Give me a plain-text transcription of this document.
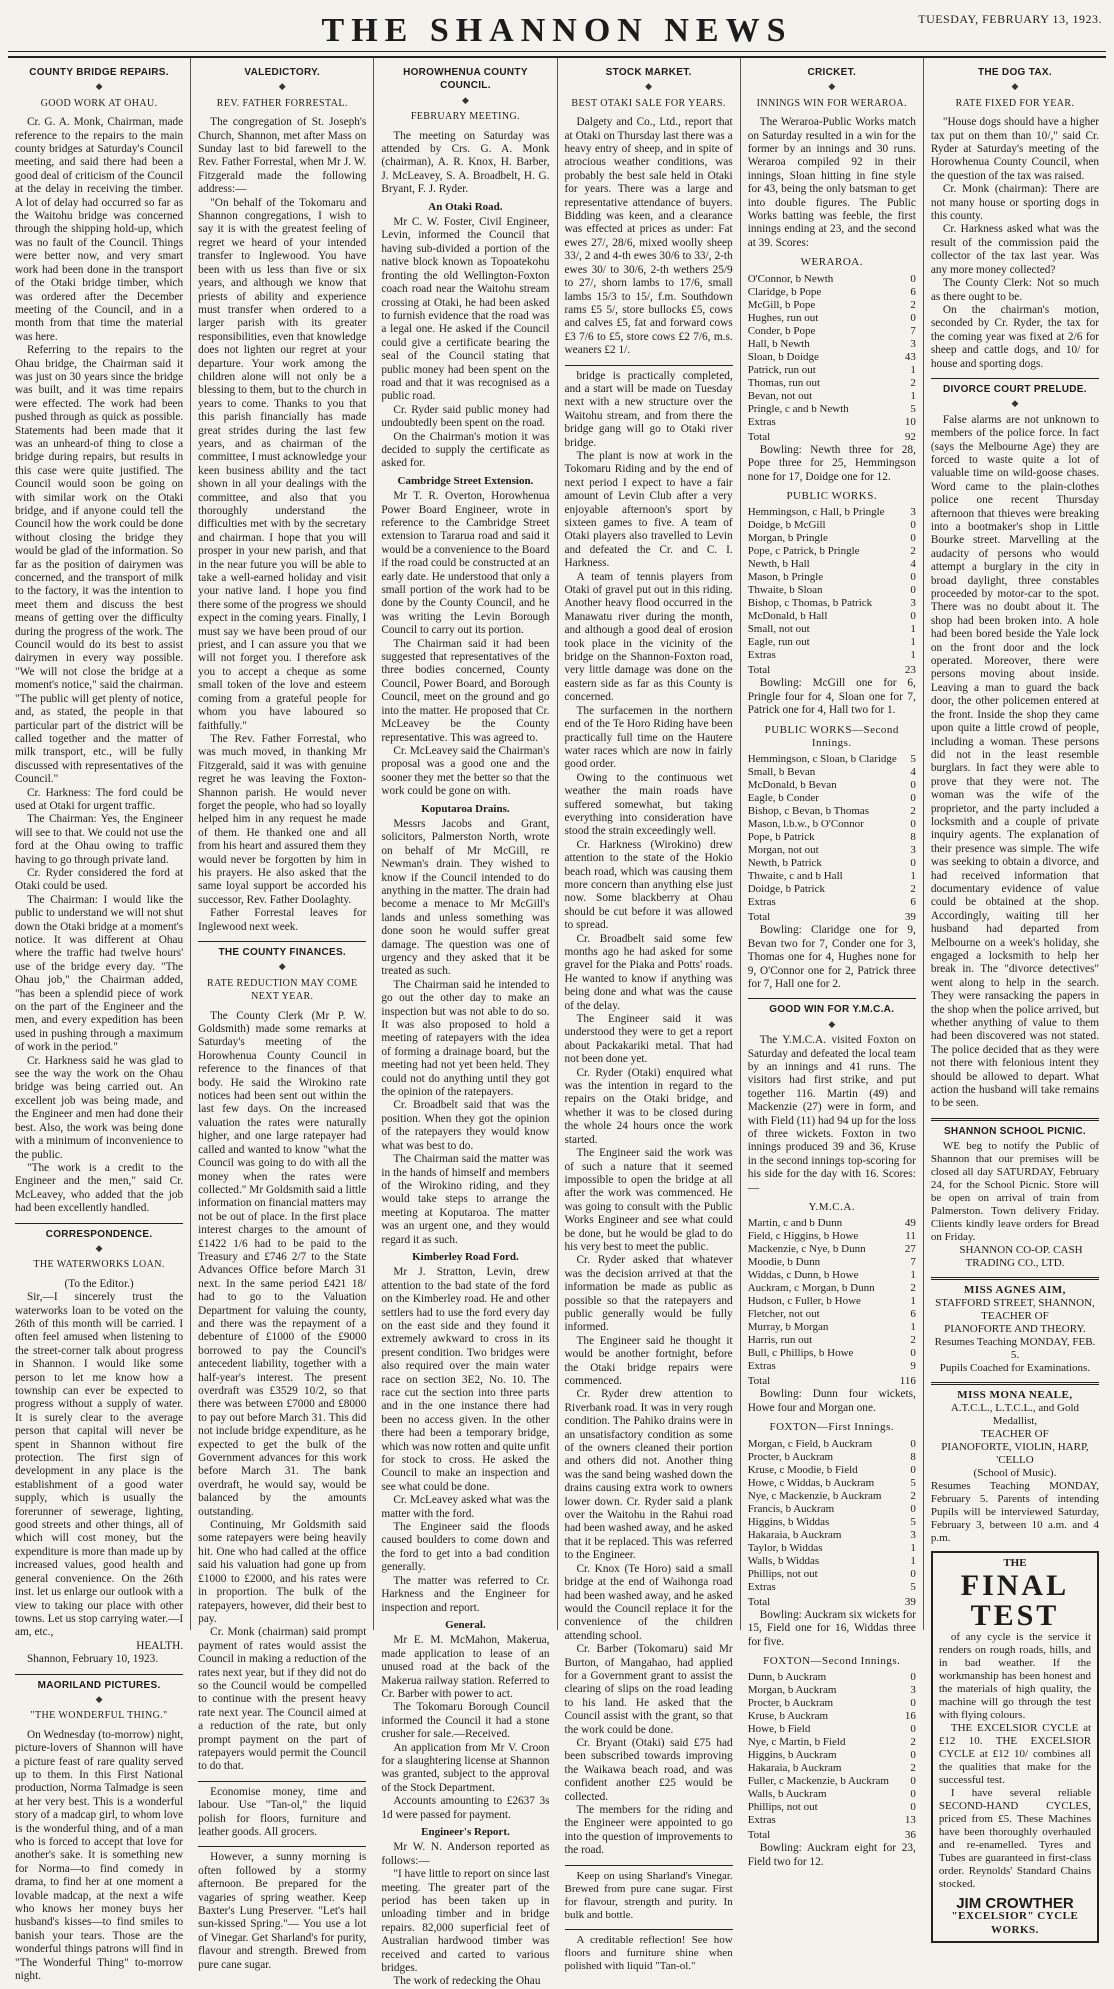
THE SHANNON NEWS	TUESDAY, FEBRUARY 13, 1923.
COUNTY BRIDGE REPAIRS.
◆
GOOD WORK AT OHAU.

Cr. G. A. Monk, Chairman, made reference to the repairs to the main county bridges at Saturday's Council meeting, and said there had been a good deal of criticism of the Council at the delay in receiving the timber. A lot of delay had occurred so far as the Waitohu bridge was concerned through the shipping hold-up, which was no fault of the Council. Things were better now, and very smart work had been done in the transport of the Otaki bridge timber, which was ordered after the December meeting of the Council, and in a month from that time the material was here.

Referring to the repairs to the Ohau bridge, the Chairman said it was just on 30 years since the bridge was built, and it was time repairs were effected. The work had been pushed through as quick as possible. Statements had been made that it was an unheard-of thing to close a bridge during repairs, but results in this case were quite justified. The Council would soon be going on with similar work on the Otaki bridge, and if anyone could tell the Council how the work could be done without closing the bridge they would be glad of the information. So far as the position of dairymen was concerned, and the transport of milk to the factory, it was the intention to meet them and discuss the best means of getting over the difficulty during the progress of the work. The Council would do its best to assist dairymen in every way possible. "We will not close the bridge at a moment's notice," said the chairman. "The public will get plenty of notice, and, as stated, the people in that particular part of the district will be called together and the matter of milk transport, etc., will be fully discussed with representatives of the Council."

Cr. Harkness: The ford could be used at Otaki for urgent traffic.

The Chairman: Yes, the Engineer will see to that. We could not use the ford at the Ohau owing to traffic having to go through private land.

Cr. Ryder considered the ford at Otaki could be used.

The Chairman: I would like the public to understand we will not shut down the Otaki bridge at a moment's notice. It was different at Ohau where the traffic had twelve hours' use of the bridge every day. "The Ohau job," the Chairman added, "has been a splendid piece of work on the part of the Engineer and the men, and every expedition has been used in pushing through a maximum of work in the period."

Cr. Harkness said he was glad to see the way the work on the Ohau bridge was being carried out. An excellent job was being made, and the Engineer and men had done their best. Also, the work was being done with a minimum of inconvenience to the public.

"The work is a credit to the Engineer and the men," said Cr. McLeavey, who added that the job had been excellently handled.

CORRESPONDENCE.
◆
THE WATERWORKS LOAN.

(To the Editor.)

Sir,—I sincerely trust the waterworks loan to be voted on the 26th of this month will be carried. I often feel amused when listening to the street-corner talk about progress in Shannon. I would like some person to let me know how a township can ever be expected to progress without a supply of water. It is surely clear to the average person that capital will never be spent in Shannon without fire protection. The first sign of development in any place is the establishment of a good water supply, which is usually the forerunner of sewerage, lighting, good streets and other things, all of which will cost money, but the expenditure is more than made up by increased values, good health and general convenience. On the 26th inst. let us enlarge our outlook with a view to taking our place with other towns. Let us stop carrying water.—I am, etc.,

HEALTH.

Shannon, February 10, 1923.

MAORILAND PICTURES.
◆
"THE WONDERFUL THING."

On Wednesday (to-morrow) night, picture-lovers of Shannon will have a picture feast of rare quality served up to them. In this First National production, Norma Talmadge is seen at her very best. This is a wonderful story of a madcap girl, to whom love is the wonderful thing, and of a man who is forced to accept that love for another's sake. It is something new for Norma—to find comedy in drama, to find her at one moment a lovable madcap, at the next a wife who knows her money buys her husband's kisses—to find smiles to banish your tears. Those are the wonderful things patrons will find in "The Wonderful Thing" to-morrow night.

VALEDICTORY.
◆
REV. FATHER FORRESTAL.

The congregation of St. Joseph's Church, Shannon, met after Mass on Sunday last to bid farewell to the Rev. Father Forrestal, when Mr J. W. Fitzgerald made the following address:—

"On behalf of the Tokomaru and Shannon congregations, I wish to say it is with the greatest feeling of regret we heard of your intended transfer to Inglewood. You have been with us less than five or six years, and although we know that priests of ability and experience must transfer when ordered to a larger parish with its greater responsibilities, even that knowledge does not lighten our regret at your departure. Your work among the children alone will not only be a blessing to them, but to the church in years to come. Thanks to you that this parish financially has made great strides during the last few years, and as chairman of the committee, I must acknowledge your keen business ability and the tact shown in all your dealings with the committee, and also that you thoroughly understand the difficulties met with by the secretary and chairman. I hope that you will prosper in your new parish, and that in the near future you will be able to take a well-earned holiday and visit your native land. I hope you find there some of the progress we should expect in the coming years. Finally, I must say we have been proud of our priest, and I can assure you that we will not forget you. I therefore ask you to accept a cheque as some small token of the love and esteem coming from a grateful people for whom you have laboured so faithfully."

The Rev. Father Forrestal, who was much moved, in thanking Mr Fitzgerald, said it was with genuine regret he was leaving the Foxton-Shannon parish. He would never forget the people, who had so loyally helped him in any request he made of them. He thanked one and all from his heart and assured them they would never be forgotten by him in his prayers. He also asked that the same loyal support be accorded his successor, Rev. Father Doolaghty.

Father Forrestal leaves for Inglewood next week.

THE COUNTY FINANCES.
◆
RATE REDUCTION MAY COME NEXT YEAR.

The County Clerk (Mr P. W. Goldsmith) made some remarks at Saturday's meeting of the Horowhenua County Council in reference to the finances of that body. He said the Wirokino rate notices had been sent out within the last few days. On the increased valuation the rates were naturally higher, and one large ratepayer had called and wanted to know "what the Council was going to do with all the money when the rates were collected." Mr Goldsmith said a little information on financial matters may not be out of place. In the first place interest charges to the amount of £1422 1/6 had to be paid to the Treasury and £746 2/7 to the State Advances Office before March 31 next. In the same period £421 18/ had to go to the Valuation Department for valuing the county, and there was the repayment of a debenture of £1000 of the £9000 borrowed to pay the Council's antecedent liability, together with a half-year's interest. The present overdraft was £3529 10/2, so that there was between £7000 and £8000 to pay out before March 31. This did not include bridge expenditure, as he expected to get the bulk of the Government advances for this work before March 31. The bank overdraft, he would say, would be balanced by the amounts outstanding.

Continuing, Mr Goldsmith said some ratepayers were being heavily hit. One who had called at the office said his valuation had gone up from £1000 to £2000, and his rates were in proportion. The bulk of the ratepayers, however, did their best to pay.

Cr. Monk (chairman) said prompt payment of rates would assist the Council in making a reduction of the rates next year, but if they did not do so the Council would be compelled to continue with the present heavy rate next year. The Council aimed at a reduction of the rate, but only prompt payment on the part of ratepayers would permit the Council to do that.

Economise money, time and labour. Use "Tan-ol," the liquid polish for floors, furniture and leather goods. All grocers.

However, a sunny morning is often followed by a stormy afternoon. Be prepared for the vagaries of spring weather. Keep Baxter's Lung Preserver. "Let's hail sun-kissed Spring."— You use a lot of Vinegar. Get Sharland's for purity, flavour and strength. Brewed from pure cane sugar.

HOROWHENUA COUNTY COUNCIL.
◆
FEBRUARY MEETING.

The meeting on Saturday was attended by Crs. G. A. Monk (chairman), A. R. Knox, H. Barber, J. McLeavey, S. A. Broadbelt, H. G. Bryant, F. J. Ryder.

An Otaki Road.

Mr C. W. Foster, Civil Engineer, Levin, informed the Council that having sub-divided a portion of the native block known as Topoatekohu fronting the old Wellington-Foxton coach road near the Waitohu stream crossing at Otaki, he had been asked to furnish evidence that the road was a legal one. He asked if the Council could give a certificate bearing the seal of the Council stating that public money had been spent on the road and that it was recognised as a public road.

Cr. Ryder said public money had undoubtedly been spent on the road.

On the Chairman's motion it was decided to supply the certificate as asked for.

Cambridge Street Extension.

Mr T. R. Overton, Horowhenua Power Board Engineer, wrote in reference to the Cambridge Street extension to Tararua road and said it would be a convenience to the Board if the road could be constructed at an early date. He understood that only a small portion of the work had to be done by the County Council, and he was writing the Levin Borough Council to carry out its portion.

The Chairman said it had been suggested that representatives of the three bodies concerned, County Council, Power Board, and Borough Council, meet on the ground and go into the matter. He proposed that Cr. McLeavey be the County representative. This was agreed to.

Cr. McLeavey said the Chairman's proposal was a good one and the sooner they met the better so that the work could be gone on with.

Koputaroa Drains.

Messrs Jacobs and Grant, solicitors, Palmerston North, wrote on behalf of Mr McGill, re Newman's drain. They wished to know if the Council intended to do anything in the matter. The drain had become a menace to Mr McGill's lands and unless something was done soon he would suffer great damage. The question was one of urgency and they asked that it be treated as such.

The Chairman said he intended to go out the other day to make an inspection but was not able to do so. It was also proposed to hold a meeting of ratepayers with the idea of forming a drainage board, but the meeting had not yet been held. They could not do anything until they got the opinion of the ratepayers.

Cr. Broadbelt said that was the position. When they got the opinion of the ratepayers they would know what was best to do.

The Chairman said the matter was in the hands of himself and members of the Wirokino riding, and they would take steps to arrange the meeting at Koputaroa. The matter was an urgent one, and they would regard it as such.

Kimberley Road Ford.

Mr J. Stratton, Levin, drew attention to the bad state of the ford on the Kimberley road. He and other settlers had to use the ford every day on the east side and they found it extremely awkward to cross in its present condition. Two bridges were also required over the main water race on section 3E2, No. 10. The race cut the section into three parts and in the one instance there had been no access given. In the other there had been a temporary bridge, which was now rotten and quite unfit for stock to cross. He asked the Council to make an inspection and see what could be done.

Cr. McLeavey asked what was the matter with the ford.

The Engineer said the floods caused boulders to come down and the ford to get into a bad condition generally.

The matter was referred to Cr. Harkness and the Engineer for inspection and report.

General.

Mr E. M. McMahon, Makerua, made application to lease of an unused road at the back of the Makerua railway station. Referred to Cr. Barber with power to act.

The Tokomaru Borough Council informed the Council it had a stone crusher for sale.—Received.

An application from Mr V. Croon for a slaughtering license at Shannon was granted, subject to the approval of the Stock Department.

Accounts amounting to £2637 3s 1d were passed for payment.

Engineer's Report.

Mr W. N. Anderson reported as follows:—

"I have little to report on since last meeting. The greater part of the period has been taken up in unloading timber and in bridge repairs. 82,000 superficial feet of Australian hardwood timber was received and carted to various bridges.

The work of redecking the Ohau

STOCK MARKET.
◆
BEST OTAKI SALE FOR YEARS.

Dalgety and Co., Ltd., report that at Otaki on Thursday last there was a heavy entry of sheep, and in spite of atrocious weather conditions, was probably the best sale held in Otaki for years. There was a large and representative attendance of buyers. Bidding was keen, and a clearance was effected at prices as under: Fat ewes 27/, 28/6, mixed woolly sheep 33/, 2 and 4-th ewes 30/6 to 33/, 2-th ewes 30/ to 30/6, 2-th wethers 25/9 to 27/, shorn lambs to 17/6, small lambs 15/3 to 15/, f.m. Southdown rams £5 5/, store bullocks £5, cows and calves £5, fat and forward cows £3 7/6 to £5, store cows £2 7/6, m.s. weaners £2 1/.

bridge is practically completed, and a start will be made on Tuesday next with a new structure over the Waitohu stream, and from there the bridge gang will go to Otaki river bridge.

The plant is now at work in the Tokomaru Riding and by the end of next period I expect to have a fair amount of Levin Club after a very enjoyable afternoon's sport by sixteen games to five. A team of Otaki players also travelled to Levin and defeated the Cr. and C. I. Harkness.

A team of tennis players from Otaki of gravel put out in this riding. Another heavy flood occurred in the Manawatu river during the month, and although a good deal of erosion took place in the vicinity of the bridge on the Shannon-Foxton road, very little damage was done on the eastern side as far as this County is concerned.

The surfacemen in the northern end of the Te Horo Riding have been practically full time on the Hautere water races which are now in fairly good order.

Owing to the continuous wet weather the main roads have suffered somewhat, but taking everything into consideration have stood the strain exceedingly well.

Cr. Harkness (Wirokino) drew attention to the state of the Hokio beach road, which was causing them more concern than anything else just now. Some blackberry at Ohau should be cut before it was allowed to spread.

Cr. Broadbelt said some few months ago he had asked for some gravel for the Piaka and Potts' roads. He wanted to know if anything was being done and what was the cause of the delay.

The Engineer said it was understood they were to get a report about Packakariki metal. That had not been done yet.

Cr. Ryder (Otaki) enquired what was the intention in regard to the repairs on the Otaki bridge, and whether it was to be closed during the whole 24 hours once the work started.

The Engineer said the work was of such a nature that it seemed impossible to open the bridge at all after the work was commenced. He was going to consult with the Public Works Engineer and see what could be done, but he would be glad to do his very best to meet the public.

Cr. Ryder asked that whatever was the decision arrived at that the information be made as public as possible so that the ratepayers and public generally would be fully informed.

The Engineer said he thought it would be another fortnight, before the Otaki bridge repairs were commenced.

Cr. Ryder drew attention to Riverbank road. It was in very rough condition. The Pahiko drains were in an unsatisfactory condition as some of the owners cleaned their portion and others did not. Another thing was the sand being washed down the drains causing extra work to owners lower down. Cr. Ryder said a plank over the Waitohu in the Rahui road had been washed away, and he asked that it be replaced. This was referred to the Engineer.

Cr. Knox (Te Horo) said a small bridge at the end of Waihonga road had been washed away, and he asked would the Council replace it for the convenience of the children attending school.

Cr. Barber (Tokomaru) said Mr Burton, of Mangahao, had applied for a Government grant to assist the clearing of slips on the road leading to his land. He asked that the Council assist with the grant, so that the work could be done.

Cr. Bryant (Otaki) said £75 had been subscribed towards improving the Waikawa beach road, and was confident another £25 would be collected.

The members for the riding and the Engineer were appointed to go into the question of improvements to the road.

Keep on using Sharland's Vinegar. Brewed from pure cane sugar. First for flavour, strength and purity. In bulk and bottle.

A creditable reflection! See how floors and furniture shine when polished with liquid "Tan-ol."

CRICKET.
◆
INNINGS WIN FOR WERAROA.

The Weraroa-Public Works match on Saturday resulted in a win for the former by an innings and 30 runs. Weraroa compiled 92 in their innings, Sloan hitting in fine style for 43, being the only batsman to get into double figures. The Public Works batting was feeble, the first innings ending at 23, and the second at 39. Scores:

WERAROA.

O'Connor, b Newth	0
Claridge, b Pope	6
McGill, b Pope	2
Hughes, run out	0
Conder, b Pope	7
Hall, b Newth	3
Sloan, b Doidge	43
Patrick, run out	1
Thomas, run out	2
Bevan, not out	1
Pringle, c and b Newth	5
Extras	10
Total	92

Bowling: Newth three for 28, Pope three for 25, Hemmingson none for 17, Doidge one for 12.

PUBLIC WORKS.

Hemmingson, c Hall, b Pringle	3
Doidge, b McGill	0
Morgan, b Pringle	0
Pope, c Patrick, b Pringle	2
Newth, b Hall	4
Mason, b Pringle	0
Thwaite, b Sloan	0
Bishop, c Thomas, b Patrick	3
McDonald, b Hall	0
Small, not out	1
Eagle, run out	1
Extras	1
Total	23

Bowling: McGill one for 6, Pringle four for 4, Sloan one for 7, Patrick one for 4, Hall two for 1.

PUBLIC WORKS—Second Innings.

Hemmingson, c Sloan, b Claridge	5
Small, b Bevan	4
McDonald, b Bevan	0
Eagle, b Conder	0
Bishop, c Bevan, b Thomas	2
Mason, l.b.w., b O'Connor	0
Pope, b Patrick	8
Morgan, not out	3
Newth, b Patrick	0
Thwaite, c and b Hall	1
Doidge, b Patrick	2
Extras	6
Total	39

Bowling: Claridge one for 9, Bevan two for 7, Conder one for 3, Thomas one for 4, Hughes none for 9, O'Connor one for 2, Patrick three for 7, Hall one for 2.

GOOD WIN FOR Y.M.C.A.
◆

The Y.M.C.A. visited Foxton on Saturday and defeated the local team by an innings and 41 runs. The visitors had first strike, and put together 116. Martin (49) and Mackenzie (27) were in form, and with Field (11) had 94 up for the loss of three wickets. Foxton in two innings produced 39 and 36, Kruse in the second innings top-scoring for his side for the day with 16. Scores:—

Y.M.C.A.

Martin, c and b Dunn	49
Field, c Higgins, b Howe	11
Mackenzie, c Nye, b Dunn	27
Moodie, b Dunn	7
Widdas, c Dunn, b Howe	1
Auckram, c Morgan, b Dunn	2
Hudson, c Fuller, b Howe	1
Fletcher, not out	6
Murray, b Morgan	1
Harris, run out	2
Bull, c Phillips, b Howe	0
Extras	9
Total	116

Bowling: Dunn four wickets, Howe four and Morgan one.

FOXTON—First Innings.

Morgan, c Field, b Auckram	0
Procter, b Auckram	8
Kruse, c Moodie, b Field	0
Howe, c Widdas, b Auckram	5
Nye, c Mackenzie, b Auckram	2
Francis, b Auckram	0
Higgins, b Widdas	5
Hakaraia, b Auckram	3
Taylor, b Widdas	1
Walls, b Widdas	1
Phillips, not out	0
Extras	5
Total	39

Bowling: Auckram six wickets for 15, Field one for 16, Widdas three for five.

FOXTON—Second Innings.

Dunn, b Auckram	0
Morgan, b Auckram	3
Procter, b Auckram	0
Kruse, b Auckram	16
Howe, b Field	0
Nye, c Martin, b Field	2
Higgins, b Auckram	0
Hakaraia, b Auckram	2
Fuller, c Mackenzie, b Auckram	0
Walls, b Auckram	0
Phillips, not out	0
Extras	13
Total	36

Bowling: Auckram eight for 23, Field two for 12.

THE DOG TAX.
◆
RATE FIXED FOR YEAR.

"House dogs should have a higher tax put on them than 10/," said Cr. Ryder at Saturday's meeting of the Horowhenua County Council, when the question of the tax was raised.

Cr. Monk (chairman): There are not many house or sporting dogs in this county.

Cr. Harkness asked what was the result of the commission paid the collector of the tax last year. Was any more money collected?

The County Clerk: Not so much as there ought to be.

On the chairman's motion, seconded by Cr. Ryder, the tax for the coming year was fixed at 2/6 for sheep and cattle dogs, and 10/ for house and sporting dogs.

DIVORCE COURT PRELUDE.
◆

False alarms are not unknown to members of the police force. In fact (says the Melbourne Age) they are forced to waste quite a lot of valuable time on wild-goose chases. Word came to the plain-clothes police one recent Thursday afternoon that thieves were breaking into a bootmaker's shop in Little Bourke street. Marvelling at the audacity of persons who would attempt a burglary in the city in broad daylight, three constables proceeded by motor-car to the spot. There was no doubt about it. The shop had been broken into. A hole had been bored beside the Yale lock on the front door and the lock operated. Moreover, there were persons moving about inside. Leaving a man to guard the back door, the other policemen entered at the front. Inside the shop they came upon quite a little crowd of people, including a woman. These persons did not in the least resemble burglars. In fact they were able to prove that they were not. The woman was the wife of the proprietor, and the party included a locksmith and a couple of private inquiry agents. The explanation of their presence was simple. The wife was seeking to obtain a divorce, and had received information that documentary evidence of value could be obtained at the shop. Accordingly, waiting till her husband had departed from Melbourne on a week's holiday, she engaged a locksmith to help her break in. The "divorce detectives" went along to help in the search. They were ransacking the papers in the shop when the police arrived, but whether anything of value to them had been discovered was not stated. The police decided that as they were not there with felonious intent they should be allowed to depart. What action the husband will take remains to be seen.

SHANNON SCHOOL PICNIC.

WE beg to notify the Public of Shannon that our premises will be closed all day SATURDAY, February 24, for the School Picnic. Store will be open on arrival of train from Palmerston. Town delivery Friday. Clients kindly leave orders for Bread on Friday.

SHANNON CO-OP. CASH TRADING CO., LTD.

MISS AGNES AIM,
STAFFORD STREET, SHANNON,
TEACHER OF
PIANOFORTE AND THEORY.
Resumes Teaching MONDAY, FEB. 5.
Pupils Coached for Examinations.
MISS MONA NEALE,
A.T.C.L., L.T.C.L., and Gold Medallist,
TEACHER OF
PIANOFORTE, VIOLIN, HARP, 'CELLO
(School of Music).
Resumes Teaching MONDAY, February 5. Parents of intending Pupils will be interviewed Saturday, February 3, between 10 a.m. and 4 p.m.
THE
FINAL TEST

of any cycle is the service it renders on rough roads, hills, and in bad weather. If the workmanship has been honest and the materials of high quality, the machine will go through the test with flying colours.

THE EXCELSIOR CYCLE at £12 10. THE EXCELSIOR CYCLE at £12 10/ combines all the qualities that make for the successful test.

I have several reliable SECOND-HAND CYCLES, priced from £5. These Machines have been thoroughly overhauled and re-enamelled. Tyres and Tubes are guaranteed in first-class order. Reynolds' Standard Chains stocked.

JIM CROWTHER
"EXCELSIOR" CYCLE WORKS.
